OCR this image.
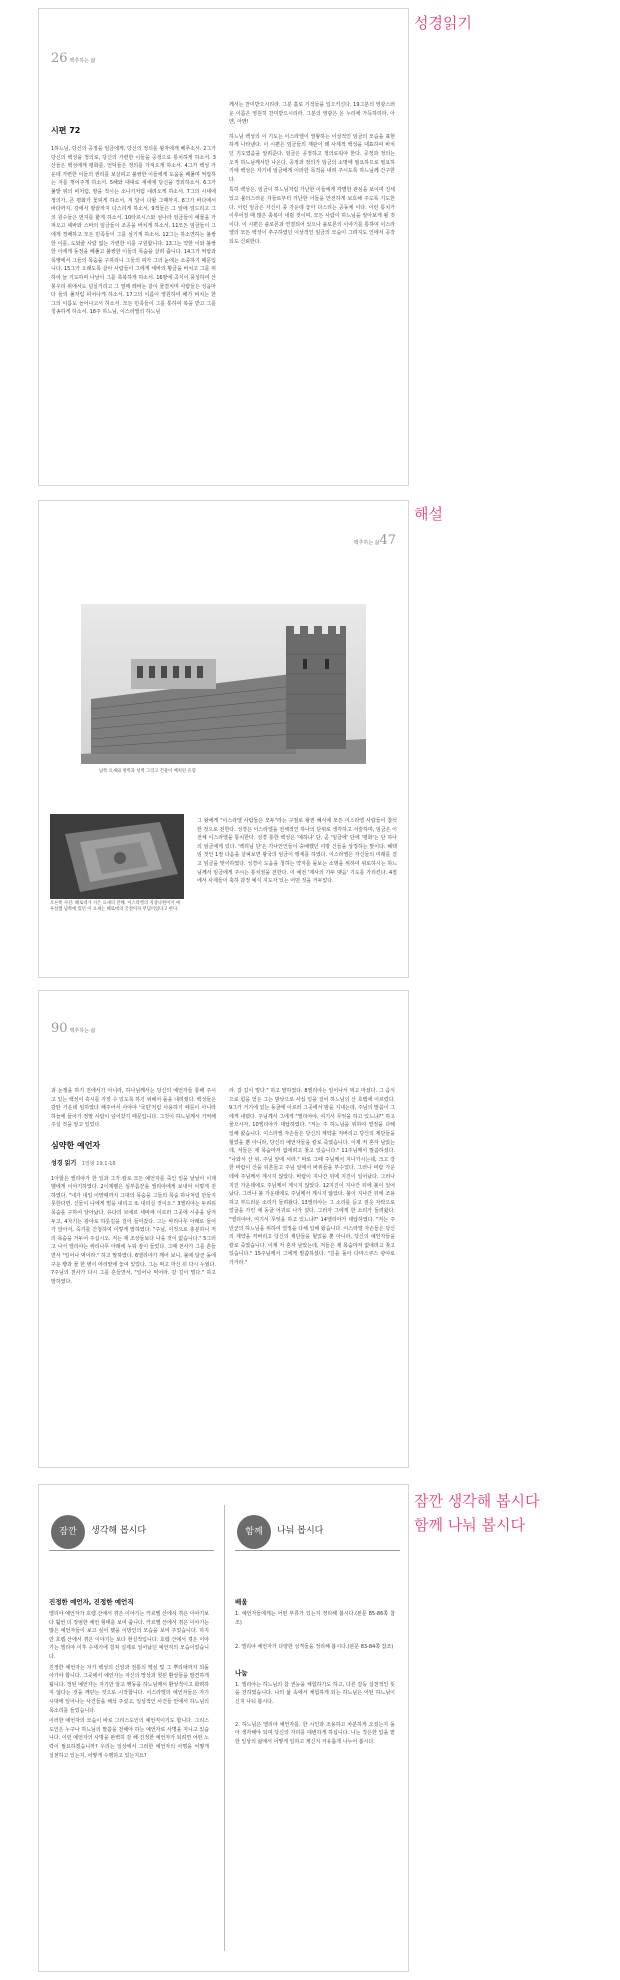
성경읽기
해설
잠깐 생각해 봅시다
함께 나눠 봅시다
26 맥추하는 삶
시편 72

1하느님, 당신의 공정을 임금에게, 당신의 정의를 왕자에게 베푸소서. 2그가 당신의 백성을 정의로, 당신의 가련한 이들을 공정으로 통치하게 하소서. 3산들은 백성에게 평화를, 언덕들은 정의를 가져오게 하소서. 4그가 백성 가운데 가련한 이들의 권리를 보살피고 불쌍한 이들에게 도움을 베풀며 억압하는 자를 꺾어주게 하소서. 5해와 대대로 세세에 당신을 경외하소서. 6그가 풀밭 위의 비처럼, 땅을 적시는 소나기처럼 내려오게 하소서. 7그의 시대에 정의가, 큰 평화가 꽃피게 하소서, 저 달이 다할 그때까지. 8그가 바다에서 바다까지, 강에서 땅끝까지 다스리게 하소서. 9적들은 그 앞에 엎드리고 그의 원수들은 먼지를 핥게 하소서. 10타르시스와 섬나라 임금들이 예물을 가져오고 셰바와 스바의 임금들이 조공을 바치게 하소서. 11모든 임금들이 그에게 경배하고 모든 민족들이 그를 섬기게 하소서. 12그는 하소연하는 불쌍한 이를, 도와줄 사람 없는 가련한 이를 구원합니다. 13그는 약한 이와 불쌍한 이에게 동정을 베풀고 불쌍한 이들의 목숨을 살려 줍니다. 14그가 억압과 폭행에서 그들의 목숨을 구하리니 그들의 피가 그의 눈에는 소중하기 때문입니다. 15그가 오래도록 살아 사람들이 그에게 세바의 황금을 바치고 그를 위하여 늘 기도하며 나날이 그를 축복하게 하소서. 16땅에 곡식이 풍성하여 산봉우리 위에서도 넘실거리고 그 열매 레바논 같이 물결치며 사람들은 성읍마다 들의 풀처럼 피어나게 하소서. 17그의 이름이 영원하여 해가 비치는 한 그의 이름도 늘어나고서 하소서. 모든 민족들이 그를 통하여 복을 받고 그를 칭송하게 하소서. 18주 하느님, 이스라엘의 하느님

께서는 찬미받으시리라. 그분 홀로 기적들을 일으키신다. 19그분의 영광스러운 이름은 영원히 찬미받으시리라. 그분의 영광은 온 누리에 가득하리라. 아멘, 아멘!

하느님 백성의 이 기도는 이스라엘이 열왕하는 이상적인 임금의 모습을 표현하게 나타낸다. 이 시편은 임금들의 재판이 왜 사제적 백성을 대표하여 바치던 기도였음을 알려준다. 임금은 공정하고 정의로워야 한다. 공정과 정의는 오직 하느님께서만 나온다. 공정과 정의가 임금의 소명에 필요하므로 필요하기에 백성은 자기네 임금에게 이러한 목적을 내려 주시도록 하느님께 간구한다.

특히 백성은, 임금이 하느님처럼 가난한 이들에게 각별한 관심을 보이며 진세 있고 불의스러운 자들로부터 가난한 이들을 안전하게 보호해 주도록 기도한다. 이런 임금은 자신이 종 가운데 놓아 다스리는 공동체 이다. 이런 통치가 이루어질 때 많은 축복이 내릴 것이며, 모든 사람이 하느님을 알아보게 될 것이다. 이 시편은 솔로몬과 연결되어 있으나 솔로몬의 이야기를 통하여 이스라엘의 모든 백성이 추구하였던 이상적인 임금의 모습이 그려지도 인에서 공작되도 신뢰한다.

맥추하는 삶47
남쪽 요새와 방벽과 성벽 그리고 건물이 배치된 유형
오른쪽 사진: 헤로데가 지은 요새의 잔해. 이스라엘의 지상낙원이자 예루살렘 남쪽에 있던 이 요새는 헤로데의 궁전이자 무덤이었다고 한다.

그 왕에게 "이스라엘 사람들은 모두"라는 구절로 왕권 혜식에 모든 이스라엘 사람들이 참석한 것으로 전한다. 성경은 이스라엘을 전체적인 하나의 단위로 생각하고 서술하며, 임금은 이 전체 이스라엘을 통치한다. 성경 통한 백성은 '예하냐' 단, 곧 '임금에' 단에 '평화'는 단 하나의 임금에게 있다. '백리님 단'은 가나안인들이 숭배했던 이방 신들을 상징하는 말이다. 혜택임 것인 1절 다음을 살펴보면 왕국의 임금이 맹세를 하였다. 이스라엘은 자신들의 미래를 걸고 임금을 맞이하였다. 성경이 도움을 청하는 약자를 돌보는 소명을 위하여 위로하시는 하느님께서 임금에게 주시는 통치권을 전한다. 이 예전 '제사의 가두 맺음' 기도를 가리킨다. 4절에서 사제들이 축하 과정 예식 지도자 있는 어떤 것을 거두었다.

90 맥추하는 삶

과 논쟁을 하기 전에서가 아니라, 하나님께서는 당신의 예언자들 통해 주시고 있는 백성이 혹시를 가장 수 있도록 하기 위해서 돌을 내려줬다. 백성들은 감탄 가운데 임하였다 해주어서 사야야 '국민'처럼 사용하기 때문이 아니라 하늘에 들어가 정말 사람이 넘어갔기 때문입니다. 그것이 하느님께서 기억해 주실 것을 알고 있었다.

심약한 예언자
성경 읽기 1열왕 19,1-18

1아합은 엘리야가 한 일과 그가 칼로 모든 예언자를 죽인 일을 낱낱이 이제벨에게 이야기하였다. 2이제벨은 심부름꾼을 엘리야에게 보내어 이렇게 전하였다. "내가 내일 이맘때까지 그대의 목숨을 그들의 목숨 하나처럼 만들지 못한다면, 신들이 나에게 벌을 내리고 또 내리실 것이오." 3엘리야는 두려워 목숨을 구하여 달아났다. 유다의 브에르 세바에 이르러 그곳에 시종을 남겨 두고, 4자기는 광야로 하룻길을 걸어 들어갔다. 그는 싸리나무 아래로 들어가 앉아서, 죽기를 간청하여 이렇게 말하였다. "주님, 이것으로 충분하니 저의 목숨을 거두어 주십시오. 저는 제 조상들보다 나을 것이 없습니다." 5그러고 나서 엘리야는 싸리나무 아래에 누워 잠이 들었다. 그때 천사가 그를 흔들면서 "일어나 먹어라." 하고 말하였다. 6엘리야가 깨어 보니, 불에 달군 돌에 구운 빵과 물 한 병이 머리맡에 놓여 있었다. 그는 먹고 마신 뒤 다시 누웠다. 7주님의 천사가 다시 그를 흔들면서, "일어나 먹어라. 갈 길이 멀다." 하고 말하였다.

라. 갈 길이 멀다." 하고 말하였다. 8엘리야는 일어나서 먹고 마셨다. 그 음식으로 힘을 얻은 그는 밤낮으로 사십 일을 걸어 하느님의 산 호렙에 이르렀다. 9그가 거기에 있는 동굴에 이르러 그곳에서 밤을 지내는데, 주님의 말씀이 그에게 내렸다. 주님께서 그에게 "엘리야야, 여기서 무엇을 하고 있느냐?" 하고 물으시자, 10엘리야가 대답하였다. "저는 주 하느님을 위하여 열정을 다해 일해 왔습니다. 이스라엘 자손들은 당신의 계약을 저버리고 당신의 제단들을 헐었을 뿐 아니라, 당신의 예언자들을 칼로 죽였습니다. 이제 저 혼자 남았는데, 저들은 제 목숨마저 없애려고 찾고 있습니다." 11주님께서 말씀하셨다. "나와서 산 위, 주님 앞에 서라." 바로 그때 주님께서 지나가시는데, 크고 강한 바람이 산을 뒤흔들고 주님 앞에서 바위들을 부수었다. 그러나 바람 가운데에 주님께서 계시지 않았다. 바람이 지나간 뒤에 지진이 일어났다. 그러나 지진 가운데에도 주님께서 계시지 않았다. 12지진이 지나간 뒤에 불이 일어났다. 그러나 불 가운데에도 주님께서 계시지 않았다. 불이 지나간 뒤에 조용하고 부드러운 소리가 들려왔다. 13엘리야는 그 소리를 듣고 겉옷 자락으로 얼굴을 가린 채 동굴 어귀로 나가 섰다. 그러자 그에게 한 소리가 들려왔다. "엘리야야, 여기서 무엇을 하고 있느냐?" 14엘리야가 대답하였다. "저는 주 만군의 하느님을 위하여 열정을 다해 일해 왔습니다. 이스라엘 자손들은 당신의 계약을 저버리고 당신의 제단들을 헐었을 뿐 아니라, 당신의 예언자들을 칼로 죽였습니다. 이제 저 혼자 남았는데, 저들은 제 목숨마저 없애려고 찾고 있습니다." 15주님께서 그에게 말씀하셨다. "길을 돌아 다마스쿠스 광야로 가거라."

잠깐	생각해 봅시다
진정한 예언자, 진정한 예언직

엘리야 예언자가 호렙 산에서 겪은 이야기는 카르멜 산에서 겪은 이야기보다 훨씬 더 장엄한 예언 형태를 보여 줍니다. 카르멜 산에서 겪은 이야기는 많은 예언자들이 보고 싶어 했을 이방인의 모습을 보여 주었습니다. 하지만 호렙 산에서 겪은 이야기는 보다 현실적입니다. 호렙 산에서 겪은 이야기는 엘리야 이후 수세기에 걸쳐 실제로 일어났던 예언직의 모습이었습니다.

진정한 예언자는 자기 백성의 신앙과 전통의 핵심 및 그 뿌리에까지 되돌아가야 합니다. 그곳에서 예언자는 자신의 망상과 헛된 환상들을 발견하게 됩니다. 정된 예언자는 자기만 알고 행동을 하느님께서 환상적이고 화려하지 않다는 것을 깨닫는 것으로 시작합니다. 이스라엘의 예언자들은 자기 시대에 일어나는 사건들을 해석 주셨고, 일상적인 사건들 안에서 하느님의 목소리를 들었습니다.

이러한 예언자의 모습이 바로 그리스도인의 예언직이기도 합니다. 그리스도인은 누구나 하느님의 말씀을 전해야 하는 예언자로 사명을 지니고 있습니다. 이런 예언자의 사명을 완벽히 잘 해 진정한 예언자가 되려면 어떤 노력이 필요하겠습니까? 우리는 일상에서 그러한 예언자의 사명을 어떻게 실천하고 있는지, 어떻게 수행하고 있는지요?

함께	나눠 봅시다
배움

1. 예언자들에게는 어떤 부류가 있는지 정리해 봅시다.(본문 85-86쪽 참조)

2. 엘리야 예언자가 다양한 성격들을 정리해 봅시다.(본문 83-84쪽 참조)

나눔

1. 엘리야는 하느님의 참 권능을 체험하기도 하고, 다른 갈등 실천적인 뜻을 전하였습니다. 나의 삶 속에서 체험하게 되는 하느님은 어떤 하느님이신지 나눠 봅시다.

2. 하느님은 엘리야 예언자를, 한 시인과 조용하고 차분하게 오셨는지 돌아 생각해야 되며 당신의 자리를 대변하게 하십니다. 나는 작은한 일을 맡한 일상의 삶에서 어떻게 일하고 계신지 자유롭게 나누어 봅시다.
